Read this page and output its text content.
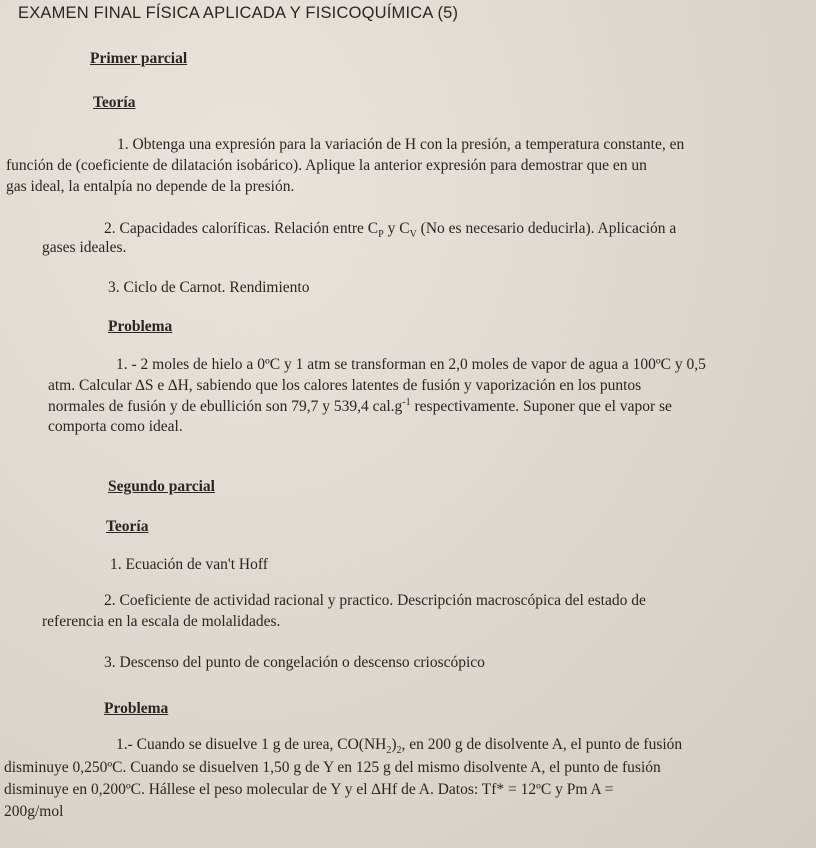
EXAMEN FINAL FÍSICA APLICADA Y FISICOQUÍMICA (5)
Primer parcial
Teoría
1. Obtenga una expresión para la variación de H con la presión, a temperatura constante, en
función de (coeficiente de dilatación isobárico). Aplique la anterior expresión para demostrar que en un
gas ideal, la entalpía no depende de la presión.
2. Capacidades caloríficas. Relación entre $C_P$ y $C_V$ (No es necesario deducirla). Aplicación a
gases ideales.
3. Ciclo de Carnot. Rendimiento
Problema
1. - 2 moles de hielo a 0ºC y 1 atm se transforman en 2,0 moles de vapor de agua a 100ºC y 0,5
atm. Calcular ∆S e ∆H, sabiendo que los calores latentes de fusión y vaporización en los puntos
normales de fusión y de ebullición son 79,7 y 539,4 $cal.g^{-1}$ respectivamente. Suponer que el vapor se
comporta como ideal.
Segundo parcial
Teoría
1. Ecuación de van't Hoff
2. Coeficiente de actividad racional y practico. Descripción macroscópica del estado de
referencia en la escala de molalidades.
3. Descenso del punto de congelación o descenso crioscópico
Problema
1.- Cuando se disuelve 1 g de urea, $CO(NH_2)_2$, en 200 g de disolvente A, el punto de fusión
disminuye 0,250ºC. Cuando se disuelven 1,50 g de Y en 125 g del mismo disolvente A, el punto de fusión
disminuye en 0,200ºC. Hállese el peso molecular de Y y el ∆Hf de A. Datos: Tf* = 12ºC y Pm A =
200g/mol
